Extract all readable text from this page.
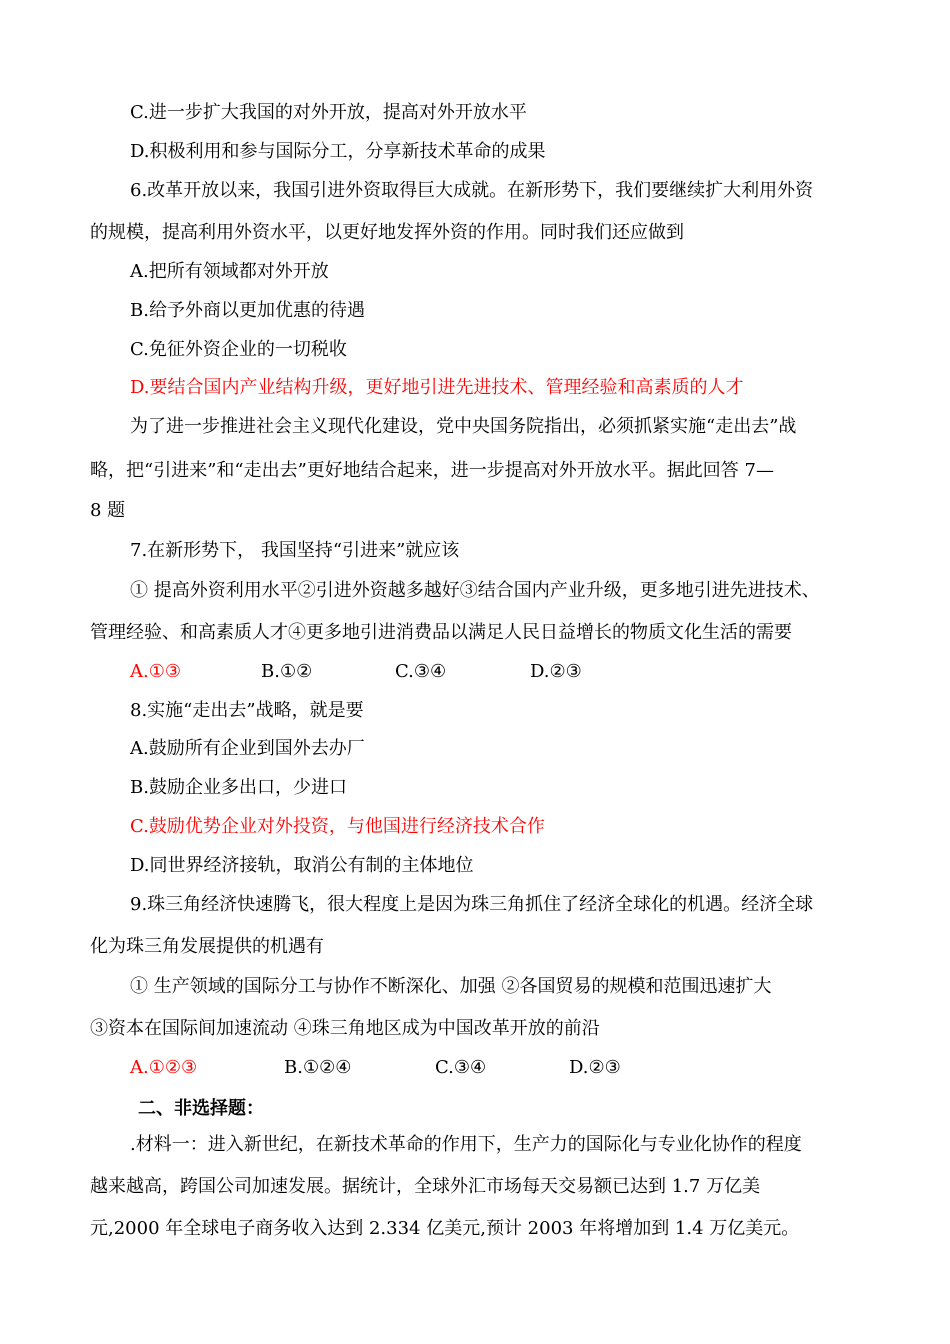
C.进一步扩大我国的对外开放，提高对外开放水平
D.积极利用和参与国际分工，分享新技术革命的成果
6.改革开放以来，我国引进外资取得巨大成就。在新形势下，我们要继续扩大利用外资
的规模，提高利用外资水平，以更好地发挥外资的作用。同时我们还应做到
A.把所有领域都对外开放
B.给予外商以更加优惠的待遇
C.免征外资企业的一切税收
D.要结合国内产业结构升级，更好地引进先进技术、管理经验和高素质的人才
为了进一步推进社会主义现代化建设，党中央国务院指出，必须抓紧实施“走出去”战
略，把“引进来”和“走出去”更好地结合起来，进一步提高对外开放水平。据此回答 7—
8 题
7.在新形势下， 我国坚持“引进来”就应该
① 提高外资利用水平②引进外资越多越好③结合国内产业升级，更多地引进先进技术、
管理经验、和高素质人才④更多地引进消费品以满足人民日益增长的物质文化生活的需要
A.①③	B.①②	C.③④	D.②③
8.实施“走出去”战略，就是要
A.鼓励所有企业到国外去办厂
B.鼓励企业多出口，少进口
C.鼓励优势企业对外投资，与他国进行经济技术合作
D.同世界经济接轨，取消公有制的主体地位
9.珠三角经济快速腾飞，很大程度上是因为珠三角抓住了经济全球化的机遇。经济全球
化为珠三角发展提供的机遇有
① 生产领域的国际分工与协作不断深化、加强 ②各国贸易的规模和范围迅速扩大
③资本在国际间加速流动 ④珠三角地区成为中国改革开放的前沿
A.①②③	B.①②④	C.③④	D.②③
二、非选择题：
.材料一：进入新世纪，在新技术革命的作用下，生产力的国际化与专业化协作的程度
越来越高，跨国公司加速发展。据统计，全球外汇市场每天交易额已达到 1.7 万亿美
元,2000 年全球电子商务收入达到 2.334 亿美元,预计 2003 年将增加到 1.4 万亿美元。
